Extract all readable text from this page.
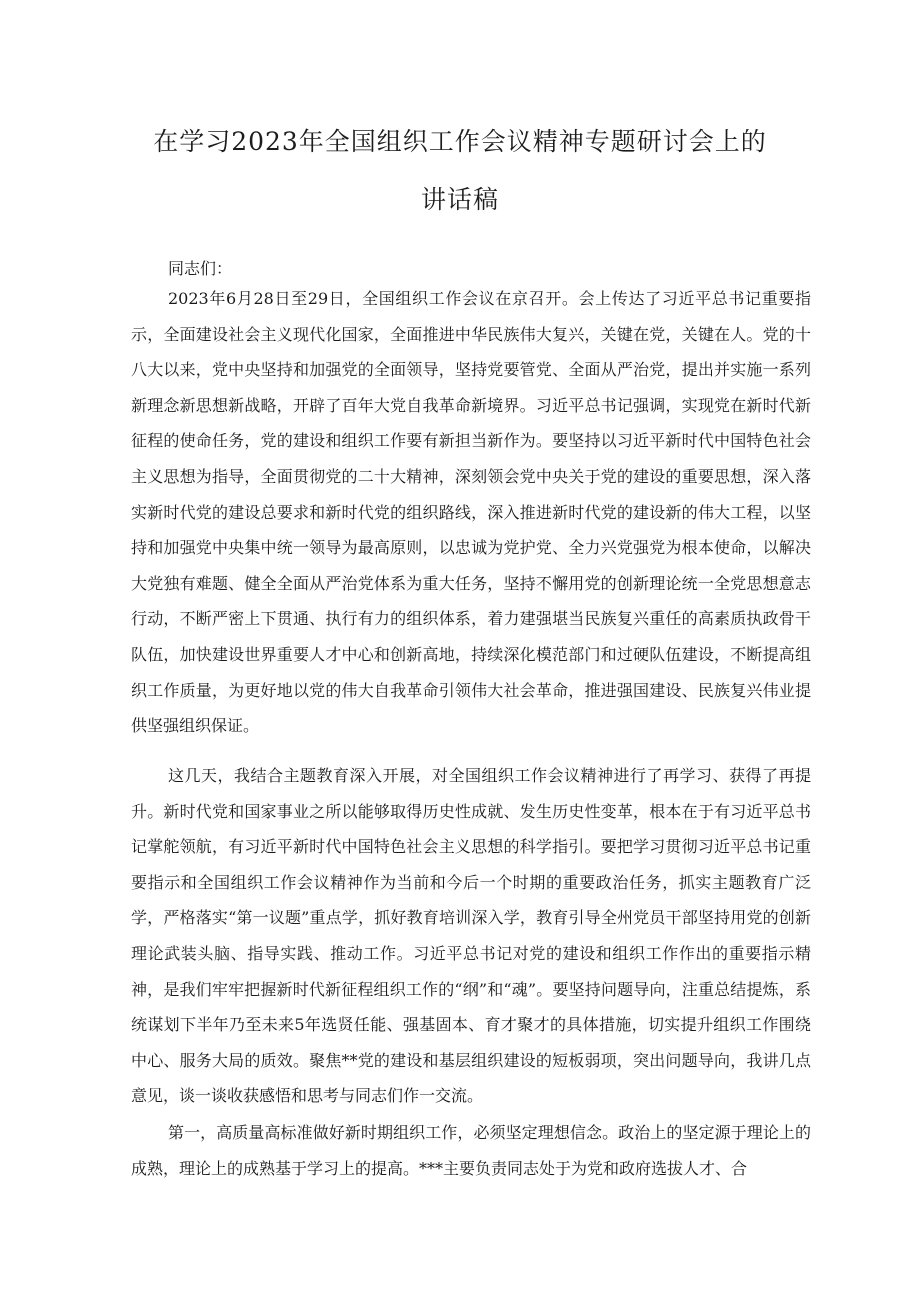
在学习2023年全国组织工作会议精神专题研讨会上的
讲话稿

同志们：

2023年6月28日至29日，全国组织工作会议在京召开。会上传达了习近平总书记重要指示，全面建设社会主义现代化国家，全面推进中华民族伟大复兴，关键在党，关键在人。党的十八大以来，党中央坚持和加强党的全面领导，坚持党要管党、全面从严治党，提出并实施一系列新理念新思想新战略，开辟了百年大党自我革命新境界。习近平总书记强调，实现党在新时代新征程的使命任务，党的建设和组织工作要有新担当新作为。要坚持以习近平新时代中国特色社会主义思想为指导，全面贯彻党的二十大精神，深刻领会党中央关于党的建设的重要思想，深入落实新时代党的建设总要求和新时代党的组织路线，深入推进新时代党的建设新的伟大工程，以坚持和加强党中央集中统一领导为最高原则，以忠诚为党护党、全力兴党强党为根本使命，以解决大党独有难题、健全全面从严治党体系为重大任务，坚持不懈用党的创新理论统一全党思想意志行动，不断严密上下贯通、执行有力的组织体系，着力建强堪当民族复兴重任的高素质执政骨干队伍，加快建设世界重要人才中心和创新高地，持续深化模范部门和过硬队伍建设，不断提高组织工作质量，为更好地以党的伟大自我革命引领伟大社会革命，推进强国建设、民族复兴伟业提供坚强组织保证。

这几天，我结合主题教育深入开展，对全国组织工作会议精神进行了再学习、获得了再提升。新时代党和国家事业之所以能够取得历史性成就、发生历史性变革，根本在于有习近平总书记掌舵领航，有习近平新时代中国特色社会主义思想的科学指引。要把学习贯彻习近平总书记重要指示和全国组织工作会议精神作为当前和今后一个时期的重要政治任务，抓实主题教育广泛学，严格落实“第一议题”重点学，抓好教育培训深入学，教育引导全州党员干部坚持用党的创新理论武装头脑、指导实践、推动工作。习近平总书记对党的建设和组织工作作出的重要指示精神，是我们牢牢把握新时代新征程组织工作的“纲”和“魂”。要坚持问题导向，注重总结提炼，系统谋划下半年乃至未来5年选贤任能、强基固本、育才聚才的具体措施，切实提升组织工作围绕中心、服务大局的质效。聚焦**党的建设和基层组织建设的短板弱项，突出问题导向，我讲几点意见，谈一谈收获感悟和思考与同志们作一交流。

第一，高质量高标准做好新时期组织工作，必须坚定理想信念。政治上的坚定源于理论上的成熟，理论上的成熟基于学习上的提高。***主要负责同志处于为党和政府选拔人才、合
